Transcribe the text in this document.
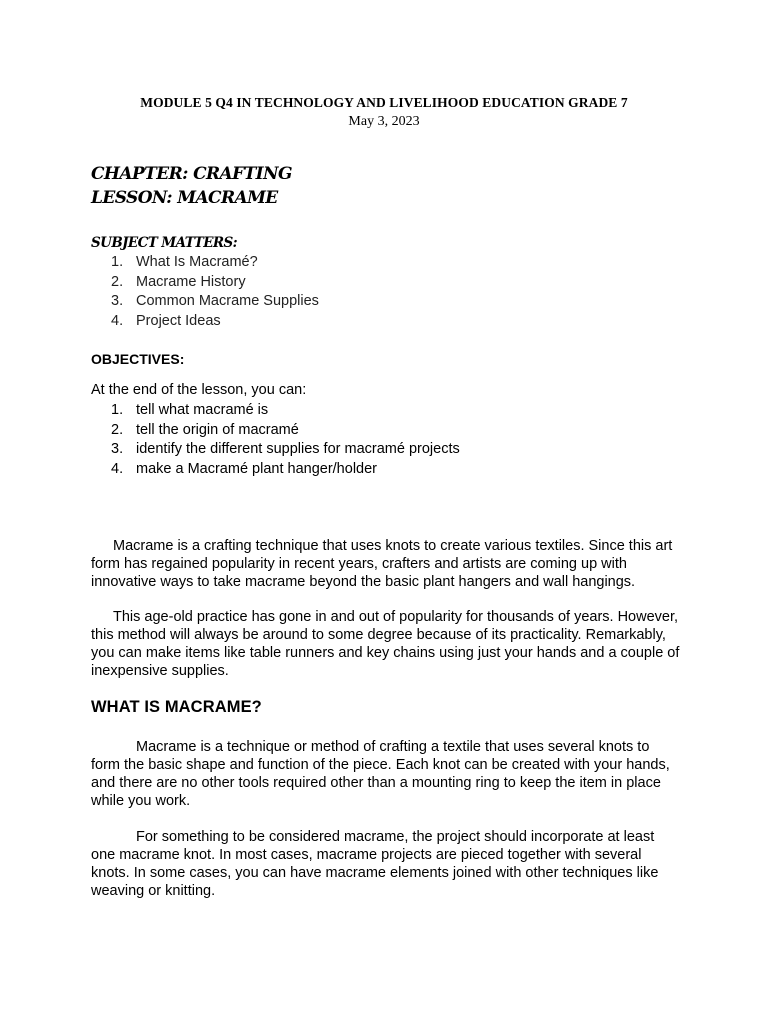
MODULE 5 Q4 IN TECHNOLOGY AND LIVELIHOOD EDUCATION GRADE 7
May 3, 2023
CHAPTER: CRAFTING
LESSON: MACRAME
SUBJECT MATTERS:
1. What Is Macramé?
2. Macrame History
3. Common Macrame Supplies
4. Project Ideas
OBJECTIVES:
At the end of the lesson, you can:
1. tell what macramé is
2. tell the origin of macramé
3. identify the different supplies for macramé projects
4. make a Macramé plant hanger/holder

Macrame is a crafting technique that uses knots to create various textiles. Since this art form has regained popularity in recent years, crafters and artists are coming up with innovative ways to take macrame beyond the basic plant hangers and wall hangings.

This age-old practice has gone in and out of popularity for thousands of years. However, this method will always be around to some degree because of its practicality. Remarkably, you can make items like table runners and key chains using just your hands and a couple of inexpensive supplies.

WHAT IS MACRAME?

Macrame is a technique or method of crafting a textile that uses several knots to form the basic shape and function of the piece. Each knot can be created with your hands, and there are no other tools required other than a mounting ring to keep the item in place while you work.

For something to be considered macrame, the project should incorporate at least one macrame knot. In most cases, macrame projects are pieced together with several knots. In some cases, you can have macrame elements joined with other techniques like weaving or knitting.
